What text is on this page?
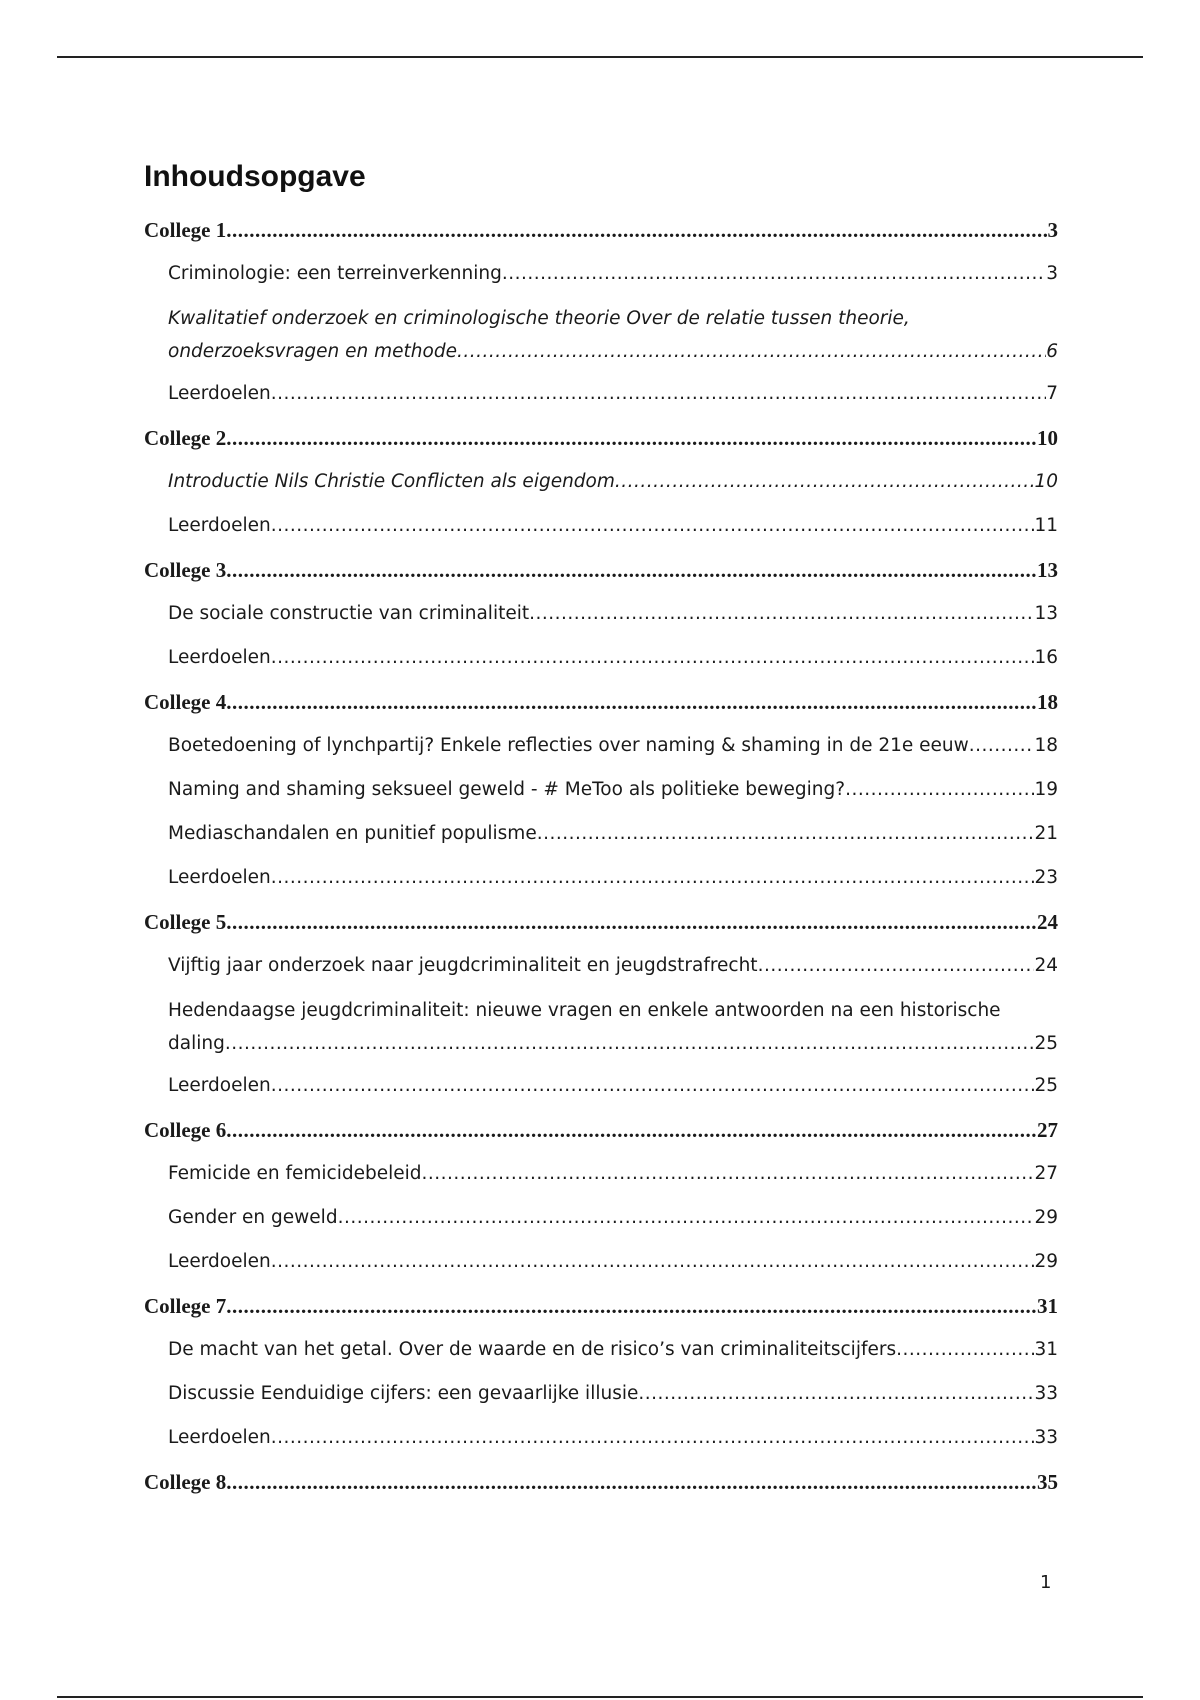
Inhoudsopgave
College 1 .....	3
Criminologie: een terreinverkenning .....	3
Kwalitatief onderzoek en criminologische theorie Over de relatie tussen theorie,
onderzoeksvragen en methode .....	6
Leerdoelen .....	7
College 2 .....	10
Introductie Nils Christie Conflicten als eigendom .....	10
Leerdoelen .....	11
College 3 .....	13
De sociale constructie van criminaliteit .....	13
Leerdoelen .....	16
College 4 .....	18
Boetedoening of lynchpartij? Enkele reflecties over naming & shaming in de 21e eeuw .....	18
Naming and shaming seksueel geweld - # MeToo als politieke beweging? .....	19
Mediaschandalen en punitief populisme .....	21
Leerdoelen .....	23
College 5 .....	24
Vijftig jaar onderzoek naar jeugdcriminaliteit en jeugdstrafrecht .....	24
Hedendaagse jeugdcriminaliteit: nieuwe vragen en enkele antwoorden na een historische
daling .....	25
Leerdoelen .....	25
College 6 .....	27
Femicide en femicidebeleid .....	27
Gender en geweld .....	29
Leerdoelen .....	29
College 7 .....	31
De macht van het getal. Over de waarde en de risico’s van criminaliteitscijfers .....	31
Discussie Eenduidige cijfers: een gevaarlijke illusie .....	33
Leerdoelen .....	33
College 8 .....	35
1
